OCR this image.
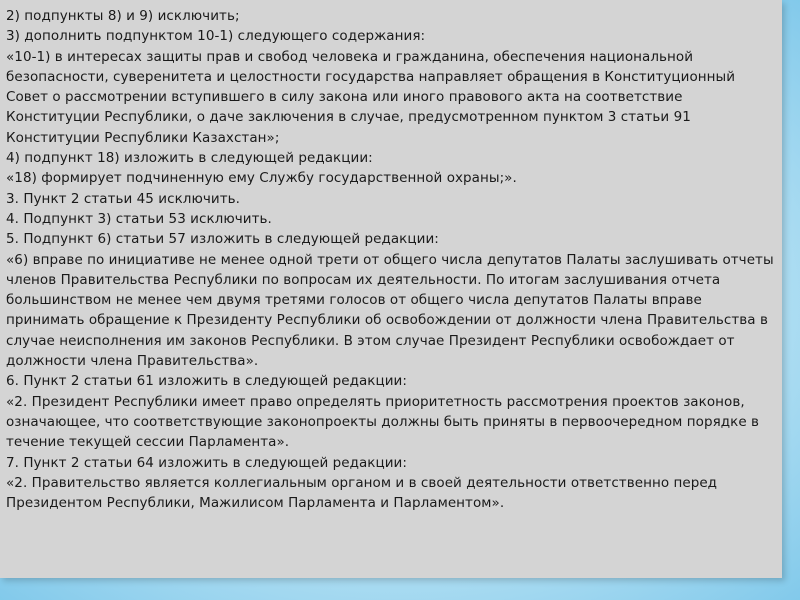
2) подпункты 8) и 9) исключить;

3) дополнить подпунктом 10-1) следующего содержания:

«10-1) в интересах защиты прав и свобод человека и гражданина, обеспечения национальной безопасности, суверенитета и целостности государства направляет обращения в Конституционный Совет о рассмотрении вступившего в силу закона или иного правового акта на соответствие Конституции Республики, о даче заключения в случае, предусмотренном пунктом 3 статьи 91 Конституции Республики Казахстан»;

4) подпункт 18) изложить в следующей редакции:

«18) формирует подчиненную ему Службу государственной охраны;».

3. Пункт 2 статьи 45 исключить.

4. Подпункт 3) статьи 53 исключить.

5. Подпункт 6) статьи 57 изложить в следующей редакции:

«6) вправе по инициативе не менее одной трети от общего числа депутатов Палаты заслушивать отчеты членов Правительства Республики по вопросам их деятельности. По итогам заслушивания отчета большинством не менее чем двумя третями голосов от общего числа депутатов Палаты вправе принимать обращение к Президенту Республики об освобождении от должности члена Правительства в случае неисполнения им законов Республики. В этом случае Президент Республики освобождает от должности члена Правительства».

6. Пункт 2 статьи 61 изложить в следующей редакции:

«2. Президент Республики имеет право определять приоритетность рассмотрения проектов законов, означающее, что соответствующие законопроекты должны быть приняты в первоочередном порядке в течение текущей сессии Парламента».

7. Пункт 2 статьи 64 изложить в следующей редакции:

«2. Правительство является коллегиальным органом и в своей деятельности ответственно перед Президентом Республики, Мажилисом Парламента и Парламентом».
